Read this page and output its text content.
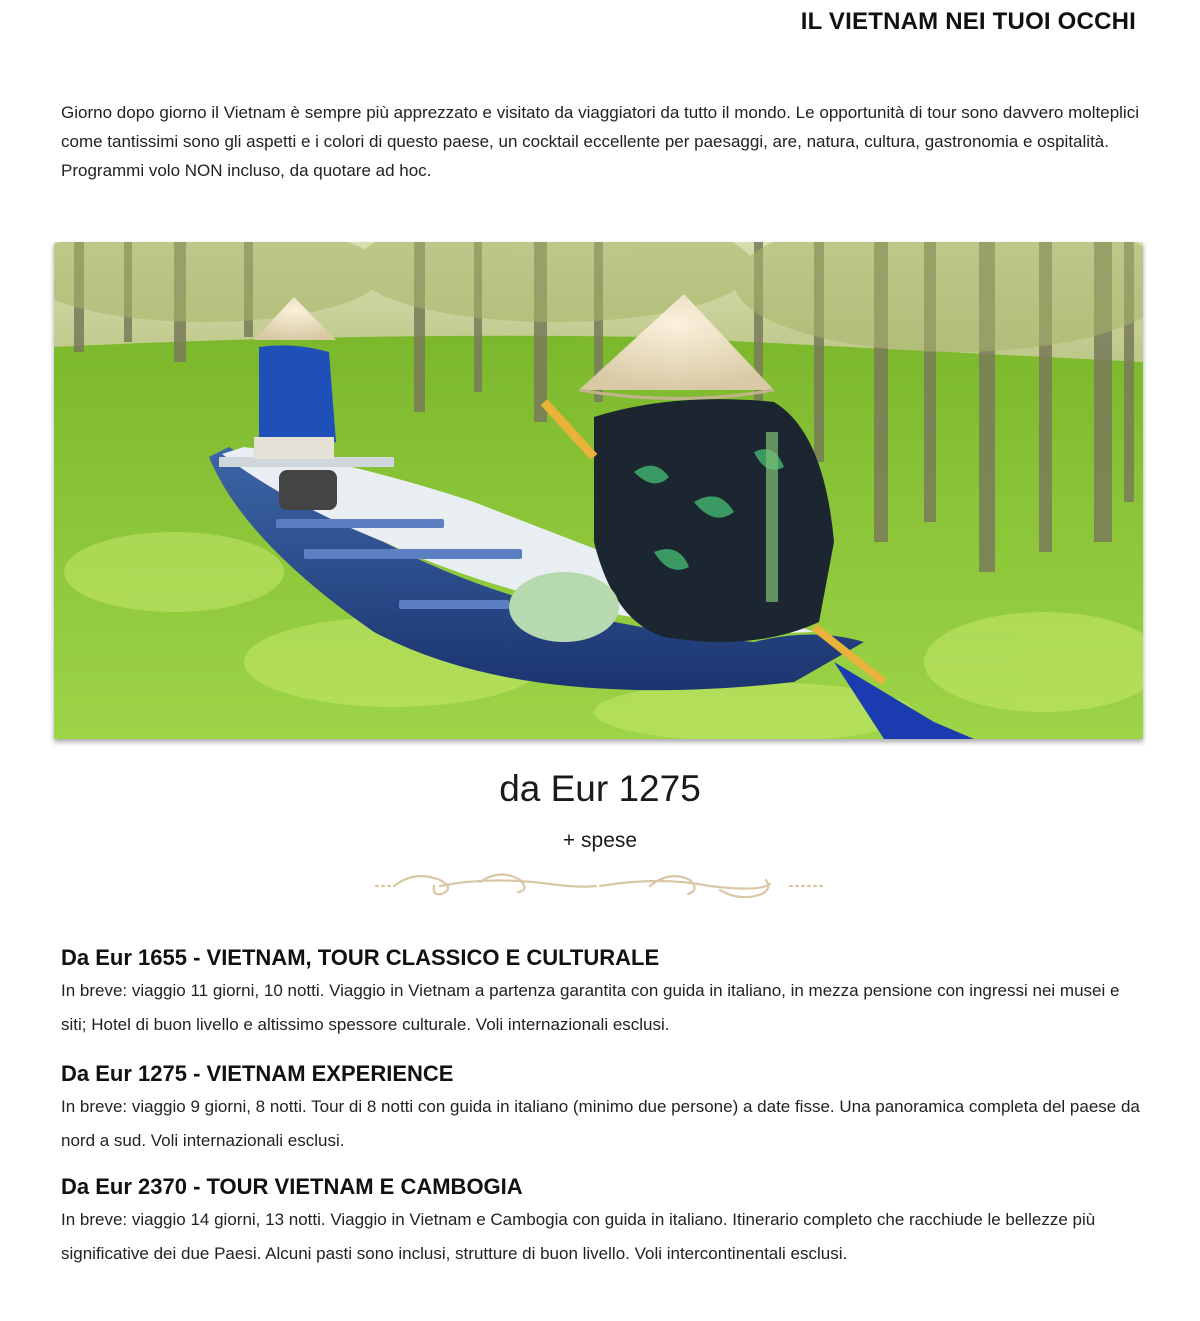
IL VIETNAM NEI TUOI OCCHI

Giorno dopo giorno il Vietnam è sempre più apprezzato e visitato da viaggiatori da tutto il mondo. Le opportunità di tour sono davvero molteplici come tantissimi sono gli aspetti e i colori di questo paese, un cocktail eccellente per paesaggi, are, natura, cultura, gastronomia e ospitalità.

Programmi volo NON incluso, da quotare ad hoc.

da Eur 1275
+ spese
Da Eur 1655 - VIETNAM, TOUR CLASSICO E CULTURALE

In breve: viaggio 11 giorni, 10 notti. Viaggio in Vietnam a partenza garantita con guida in italiano, in mezza pensione con ingressi nei musei e siti; Hotel di buon livello e altissimo spessore culturale. Voli internazionali esclusi.

Da Eur 1275 - VIETNAM EXPERIENCE

In breve: viaggio 9 giorni, 8 notti. Tour di 8 notti con guida in italiano (minimo due persone) a date fisse. Una panoramica completa del paese da nord a sud. Voli internazionali esclusi.

Da Eur 2370 - TOUR VIETNAM E CAMBOGIA

In breve: viaggio 14 giorni, 13 notti. Viaggio in Vietnam e Cambogia con guida in italiano. Itinerario completo che racchiude le bellezze più significative dei due Paesi. Alcuni pasti sono inclusi, strutture di buon livello. Voli intercontinentali esclusi.
